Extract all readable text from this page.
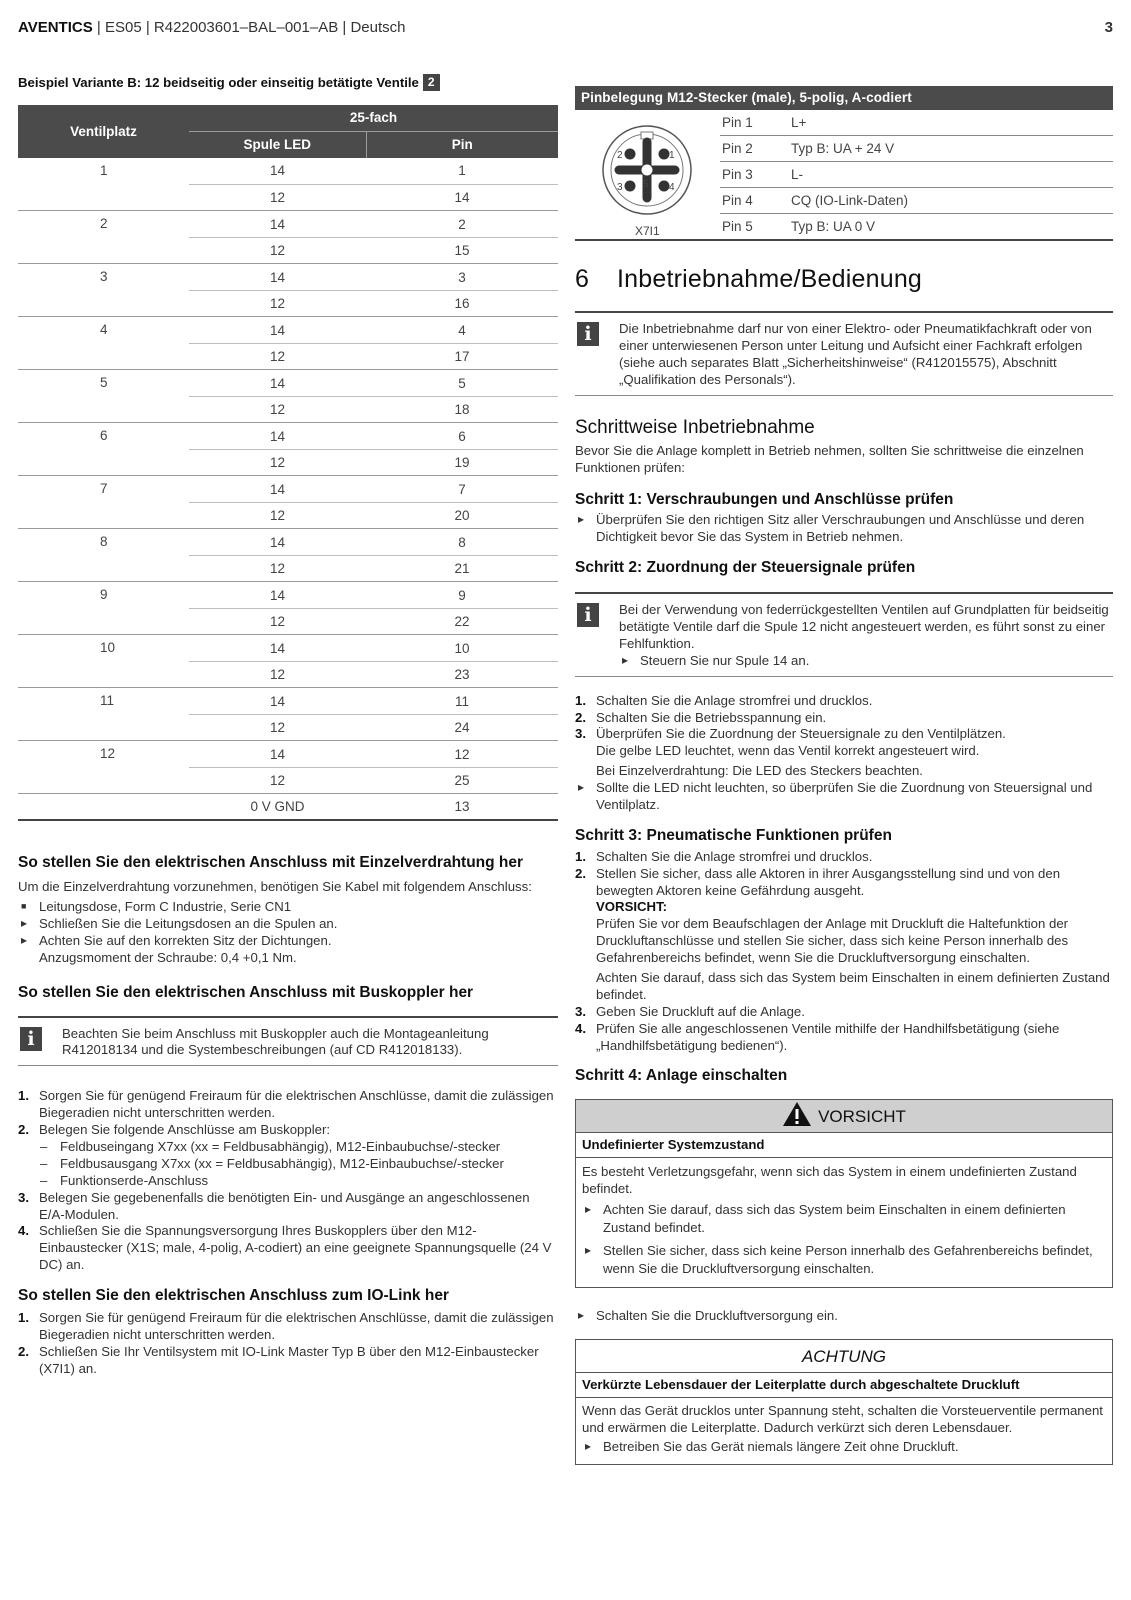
AVENTICS | ES05 | R422003601–BAL–001–AB | Deutsch	3
Beispiel Variante B: 12 beidseitig oder einseitig betätigte Ventile 2
Ventilplatz	25-fach	
	Spule LED	Pin
1	14	1
	12	14
2	14	2
	12	15
3	14	3
	12	16
4	14	4
	12	17
5	14	5
	12	18
6	14	6
	12	19
7	14	7
	12	20
8	14	8
	12	21
9	14	9
	12	22
10	14	10
	12	23
11	14	11
	12	24
12	14	12
	12	25
	0 V GND	13
So stellen Sie den elektrischen Anschluss mit Einzelverdrahtung her

Um die Einzelverdrahtung vorzunehmen, benötigen Sie Kabel mit folgendem Anschluss:

■ Leitungsdose, Form C Industrie, Serie CN1
▸ Schließen Sie die Leitungsdosen an die Spulen an.
▸ Achten Sie auf den korrekten Sitz der Dichtungen.
Anzugsmoment der Schraube: 0,4 +0,1 Nm.
So stellen Sie den elektrischen Anschluss mit Buskoppler her
i	Beachten Sie beim Anschluss mit Buskoppler auch die Montageanleitung R412018134 und die Systembeschreibungen (auf CD R412018133).
1. Sorgen Sie für genügend Freiraum für die elektrischen Anschlüsse, damit die zulässigen Biegeradien nicht unterschritten werden.
2. Belegen Sie folgende Anschlüsse am Buskoppler:
– Feldbuseingang X7xx (xx = Feldbusabhängig), M12-Einbaubuchse/-stecker
– Feldbusausgang X7xx (xx = Feldbusabhängig), M12-Einbaubuchse/-stecker
– Funktionserde-Anschluss
3. Belegen Sie gegebenenfalls die benötigten Ein- und Ausgänge an angeschlossenen E/A-Modulen.
4. Schließen Sie die Spannungsversorgung Ihres Buskopplers über den M12-Einbaustecker (X1S; male, 4-polig, A-codiert) an eine geeignete Spannungsquelle (24 V DC) an.
So stellen Sie den elektrischen Anschluss zum IO-Link her
1. Sorgen Sie für genügend Freiraum für die elektrischen Anschlüsse, damit die zulässigen Biegeradien nicht unterschritten werden.
2. Schließen Sie Ihr Ventilsystem mit IO-Link Master Typ B über den M12-Einbaustecker (X7I1) an.
Pinbelegung M12-Stecker (male), 5-polig, A-codiert
1
2
3	4
5
X7I1
Pin 1	L+
Pin 2	Typ B: UA + 24 V
Pin 3	L-
Pin 4	CQ (IO-Link-Daten)
Pin 5	Typ B: UA 0 V
6 Inbetriebnahme/Bedienung
i	Die Inbetriebnahme darf nur von einer Elektro- oder Pneumatikfachkraft oder von einer unterwiesenen Person unter Leitung und Aufsicht einer Fachkraft erfolgen (siehe auch separates Blatt „Sicherheitshinweise“ (R412015575), Abschnitt „Qualifikation des Personals“).
Schrittweise Inbetriebnahme

Bevor Sie die Anlage komplett in Betrieb nehmen, sollten Sie schrittweise die einzelnen Funktionen prüfen:

Schritt 1: Verschraubungen und Anschlüsse prüfen
▸ Überprüfen Sie den richtigen Sitz aller Verschraubungen und Anschlüsse und deren Dichtigkeit bevor Sie das System in Betrieb nehmen.
Schritt 2: Zuordnung der Steuersignale prüfen
i	Bei der Verwendung von federrückgestellten Ventilen auf Grundplatten für beidseitig betätigte Ventile darf die Spule 12 nicht angesteuert werden, es führt sonst zu einer Fehlfunktion.
▸ Steuern Sie nur Spule 14 an.
1. Schalten Sie die Anlage stromfrei und drucklos.
2. Schalten Sie die Betriebsspannung ein.
3. Überprüfen Sie die Zuordnung der Steuersignale zu den Ventilplätzen.
Die gelbe LED leuchtet, wenn das Ventil korrekt angesteuert wird.
Bei Einzelverdrahtung: Die LED des Steckers beachten.
▸ Sollte die LED nicht leuchten, so überprüfen Sie die Zuordnung von Steuersignal und Ventilplatz.
Schritt 3: Pneumatische Funktionen prüfen
1. Schalten Sie die Anlage stromfrei und drucklos.
2. Stellen Sie sicher, dass alle Aktoren in ihrer Ausgangsstellung sind und von den bewegten Aktoren keine Gefährdung ausgeht.
VORSICHT:
Prüfen Sie vor dem Beaufschlagen der Anlage mit Druckluft die Haltefunktion der Druckluftanschlüsse und stellen Sie sicher, dass sich keine Person innerhalb des Gefahrenbereichs befindet, wenn Sie die Druckluftversorgung einschalten.
Achten Sie darauf, dass sich das System beim Einschalten in einem definierten Zustand befindet.
3. Geben Sie Druckluft auf die Anlage.
4. Prüfen Sie alle angeschlossenen Ventile mithilfe der Handhilfsbetätigung (siehe „Handhilfsbetätigung bedienen“).
Schritt 4: Anlage einschalten
VORSICHT
Undefinierter Systemzustand

Es besteht Verletzungsgefahr, wenn sich das System in einem undefinierten Zustand befindet.

▸ Achten Sie darauf, dass sich das System beim Einschalten in einem definierten Zustand befindet.
▸ Stellen Sie sicher, dass sich keine Person innerhalb des Gefahrenbereichs befindet, wenn Sie die Druckluftversorgung einschalten.
▸ Schalten Sie die Druckluftversorgung ein.
ACHTUNG
Verkürzte Lebensdauer der Leiterplatte durch abgeschaltete Druckluft

Wenn das Gerät drucklos unter Spannung steht, schalten die Vorsteuerventile permanent und erwärmen die Leiterplatte. Dadurch verkürzt sich deren Lebensdauer.

▸ Betreiben Sie das Gerät niemals längere Zeit ohne Druckluft.
